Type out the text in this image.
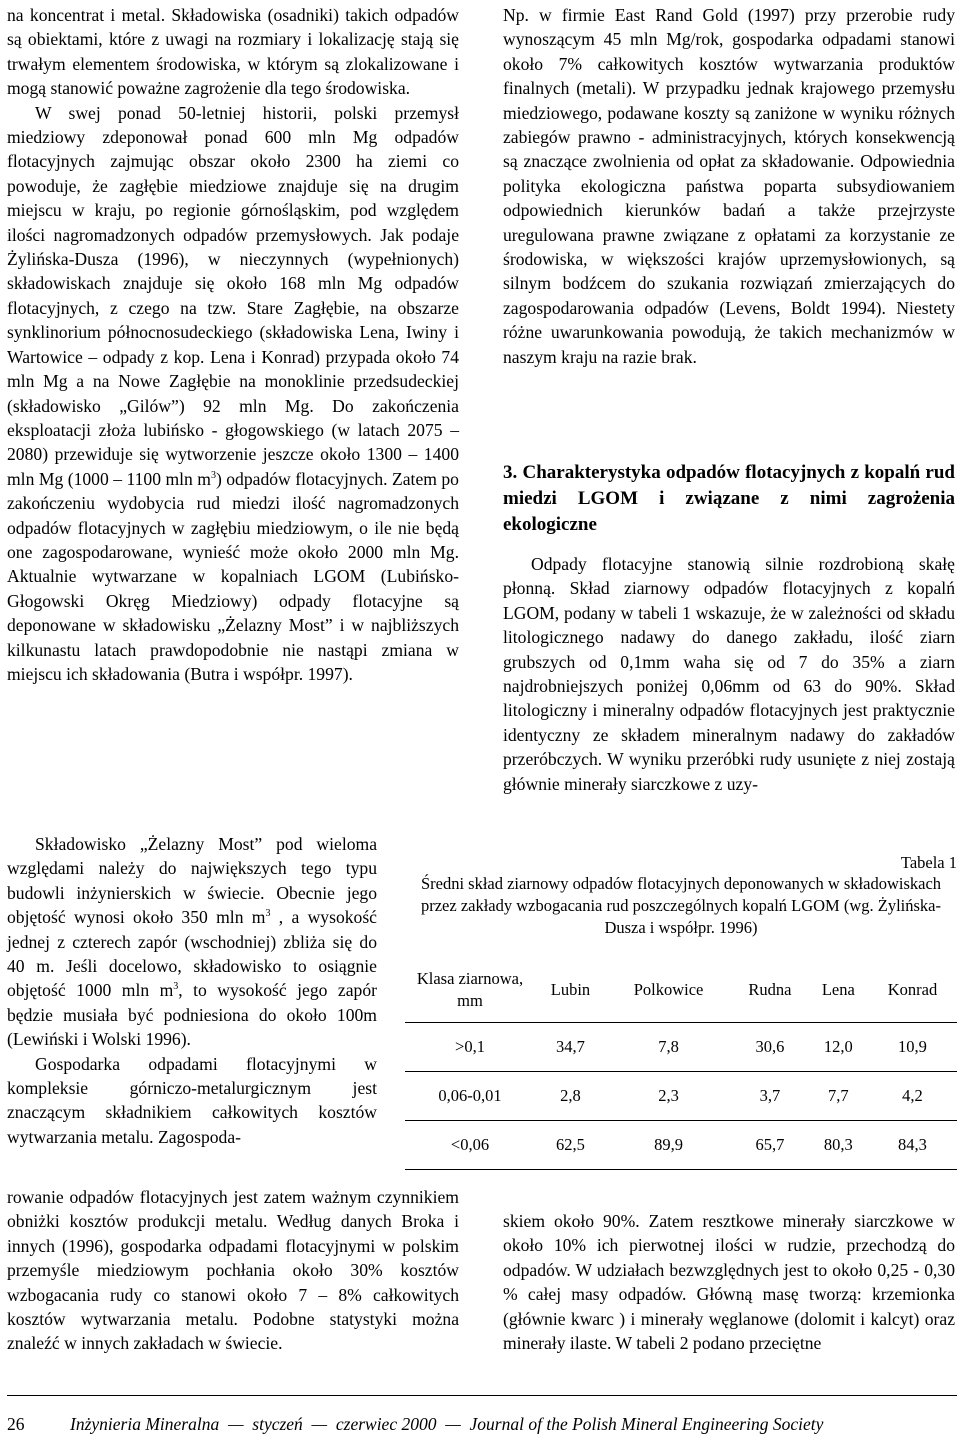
na koncentrat i metal. Składowiska (osadniki) takich odpadów są obiektami, które z uwagi na rozmiary i lokalizację stają się trwałym elementem środowiska, w którym są zlokalizowane i mogą stanowić poważne zagrożenie dla tego środowiska.

W swej ponad 50-letniej historii, polski przemysł miedziowy zdeponował ponad 600 mln Mg odpadów flotacyjnych zajmując obszar około 2300 ha ziemi co powoduje, że zagłębie miedziowe znajduje się na drugim miejscu w kraju, po regionie górnośląskim, pod względem ilości nagromadzonych odpadów przemysłowych. Jak podaje Żylińska-Dusza (1996), w nieczynnych (wypełnionych) składowiskach znajduje się około 168 mln Mg odpadów flotacyjnych, z czego na tzw. Stare Zagłębie, na obszarze synklinorium północnosudeckiego (składowiska Lena, Iwiny i Wartowice – odpady z kop. Lena i Konrad) przypada około 74 mln Mg a na Nowe Zagłębie na monoklinie przedsudeckiej (składowisko „Gilów”) 92 mln Mg. Do zakończenia eksploatacji złoża lubińsko - głogowskiego (w latach 2075 – 2080) przewiduje się wytworzenie jeszcze około 1300 – 1400 mln Mg (1000 – 1100 mln $m^3$) odpadów flotacyjnych. Zatem po zakończeniu wydobycia rud miedzi ilość nagromadzonych odpadów flotacyjnych w zagłębiu miedziowym, o ile nie będą one zagospodarowane, wynieść może około 2000 mln Mg. Aktualnie wytwarzane w kopalniach LGOM (Lubińsko-Głogowski Okręg Miedziowy) odpady flotacyjne są deponowane w składowisku „Żelazny Most” i w najbliższych kilkunastu latach prawdopodobnie nie nastąpi zmiana w miejscu ich składowania (Butra i współpr. 1997).

Składowisko „Żelazny Most” pod wieloma względami należy do największych tego typu budowli inżynierskich w świecie. Obecnie jego objętość wynosi około 350 mln $m^3$ , a wysokość jednej z czterech zapór (wschodniej) zbliża się do 40 m. Jeśli docelowo, składowisko to osiągnie objętość 1000 mln $m^3$, to wysokość jego zapór będzie musiała być podniesiona do około 100m (Lewiński i Wolski 1996).

Gospodarka odpadami flotacyjnymi w kompleksie górniczo-metalurgicznym jest znaczącym składnikiem całkowitych kosztów wytwarzania metalu. Zagospoda-

rowanie odpadów flotacyjnych jest zatem ważnym czynnikiem obniżki kosztów produkcji metalu. Według danych Broka i innych (1996), gospodarka odpadami flotacyjnymi w polskim przemyśle miedziowym pochłania około 30% kosztów wzbogacania rudy co stanowi około 7 – 8% całkowitych kosztów wytwarzania metalu. Podobne statystyki można znaleźć w innych zakładach w świecie.

Np. w firmie East Rand Gold (1997) przy przerobie rudy wynoszącym 45 mln Mg/rok, gospodarka odpadami stanowi około 7% całkowitych kosztów wytwarzania produktów finalnych (metali). W przypadku jednak krajowego przemysłu miedziowego, podawane koszty są zaniżone w wyniku różnych zabiegów prawno - administracyjnych, których konsekwencją są znaczące zwolnienia od opłat za składowanie. Odpowiednia polityka ekologiczna państwa poparta subsydiowaniem odpowiednich kierunków badań a także przejrzyste uregulowana prawne związane z opłatami za korzystanie ze środowiska, w większości krajów uprzemysłowionych, są silnym bodźcem do szukania rozwiązań zmierzających do zagospodarowania odpadów (Levens, Boldt 1994). Niestety różne uwarunkowania powodują, że takich mechanizmów w naszym kraju na razie brak.

3. Charakterystyka odpadów flotacyjnych z kopalń rud miedzi LGOM i związane z nimi zagrożenia ekologiczne

Odpady flotacyjne stanowią silnie rozdrobioną skałę płonną. Skład ziarnowy odpadów flotacyjnych z kopalń LGOM, podany w tabeli 1 wskazuje, że w zależności od składu litologicznego nadawy do danego zakładu, ilość ziarn grubszych od 0,1mm waha się od 7 do 35% a ziarn najdrobniejszych poniżej 0,06mm od 63 do 90%. Skład litologiczny i mineralny odpadów flotacyjnych jest praktycznie identyczny ze składem mineralnym nadawy do zakładów przeróbczych. W wyniku przeróbki rudy usunięte z niej zostają głównie minerały siarczkowe z uzy-

Tabela 1
Średni skład ziarnowy odpadów flotacyjnych deponowanych w składowiskach przez zakłady wzbogacania rud poszczególnych kopalń LGOM (wg. Żylińska-Dusza i współpr. 1996)
Klasa ziarnowa, mm	Lubin	Polkowice	Rudna	Lena	Konrad
>0,1	34,7	7,8	30,6	12,0	10,9
0,06-0,01	2,8	2,3	3,7	7,7	4,2
<0,06	62,5	89,9	65,7	80,3	84,3

skiem około 90%. Zatem resztkowe minerały siarczkowe w około 10% ich pierwotnej ilości w rudzie, przechodzą do odpadów. W udziałach bezwzględnych jest to około 0,25 - 0,30 % całej masy odpadów. Główną masę tworzą: krzemionka (głównie kwarc ) i minerały węglanowe (dolomit i kalcyt) oraz minerały ilaste. W tabeli 2 podano przeciętne

26	Inżynieria Mineralna  —  styczeń  —  czerwiec 2000  —  Journal of the Polish Mineral Engineering Society
